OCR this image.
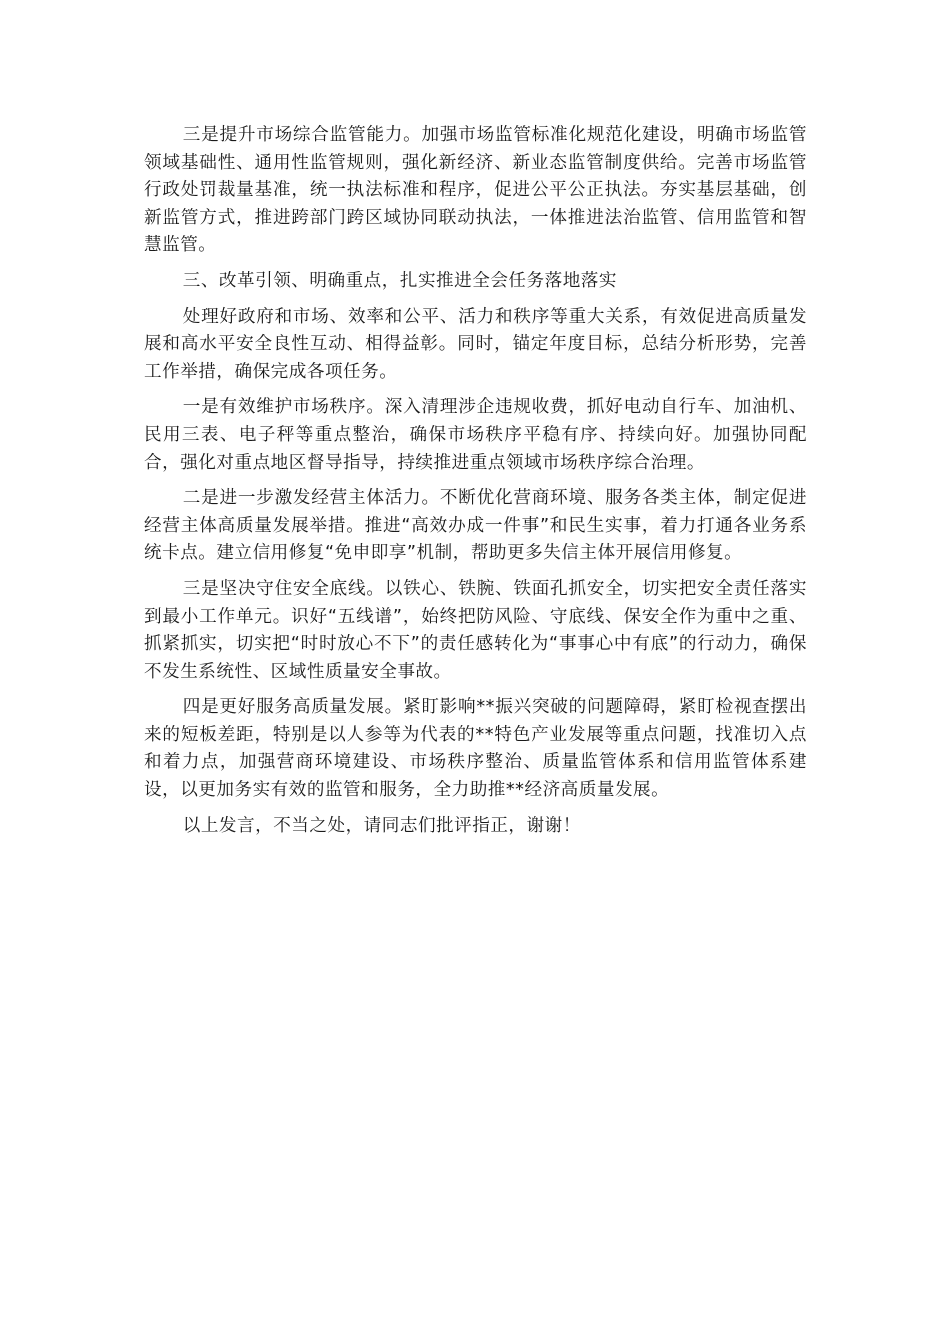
三是提升市场综合监管能力。加强市场监管标准化规范化建设，明确市场监管领域基础性、通用性监管规则，强化新经济、新业态监管制度供给。完善市场监管行政处罚裁量基准，统一执法标准和程序，促进公平公正执法。夯实基层基础，创新监管方式，推进跨部门跨区域协同联动执法，一体推进法治监管、信用监管和智慧监管。

三、改革引领、明确重点，扎实推进全会任务落地落实

处理好政府和市场、效率和公平、活力和秩序等重大关系，有效促进高质量发展和高水平安全良性互动、相得益彰。同时，锚定年度目标，总结分析形势，完善工作举措，确保完成各项任务。

一是有效维护市场秩序。深入清理涉企违规收费，抓好电动自行车、加油机、民用三表、电子秤等重点整治，确保市场秩序平稳有序、持续向好。加强协同配合，强化对重点地区督导指导，持续推进重点领域市场秩序综合治理。

二是进一步激发经营主体活力。不断优化营商环境、服务各类主体，制定促进经营主体高质量发展举措。推进“高效办成一件事”和民生实事，着力打通各业务系统卡点。建立信用修复“免申即享”机制，帮助更多失信主体开展信用修复。

三是坚决守住安全底线。以铁心、铁腕、铁面孔抓安全，切实把安全责任落实到最小工作单元。识好“五线谱”，始终把防风险、守底线、保安全作为重中之重、抓紧抓实，切实把“时时放心不下”的责任感转化为“事事心中有底”的行动力，确保不发生系统性、区域性质量安全事故。

四是更好服务高质量发展。紧盯影响**振兴突破的问题障碍，紧盯检视查摆出来的短板差距，特别是以人参等为代表的**特色产业发展等重点问题，找准切入点和着力点，加强营商环境建设、市场秩序整治、质量监管体系和信用监管体系建设，以更加务实有效的监管和服务，全力助推**经济高质量发展。

以上发言，不当之处，请同志们批评指正，谢谢！
